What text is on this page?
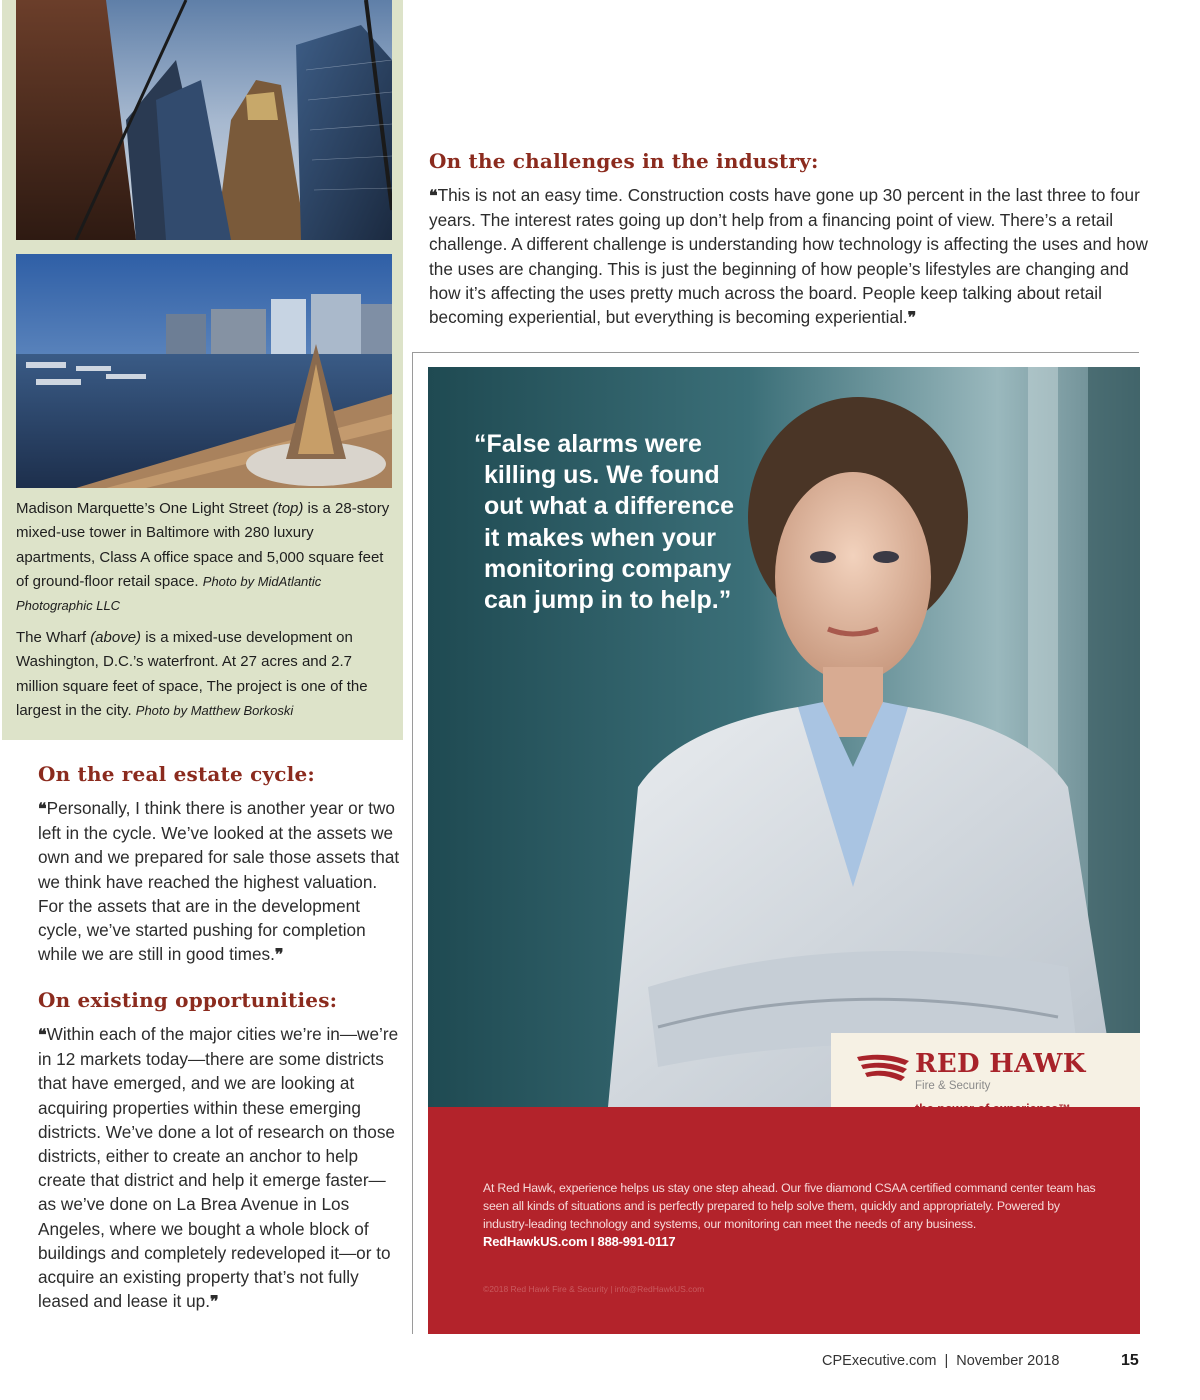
Madison Marquette’s One Light Street (top) is a 28-story mixed-use tower in Baltimore with 280 luxury apartments, Class A office space and 5,000 square feet of ground-floor retail space. Photo by MidAtlantic Photographic LLC

The Wharf (above) is a mixed-use development on Washington, D.C.’s waterfront. At 27 acres and 2.7 million square feet of space, The project is one of the largest in the city. Photo by Matthew Borkoski

On the challenges in the industry:

❝This is not an easy time. Construction costs have gone up 30 percent in the last three to four years. The interest rates going up don’t help from a financing point of view. There’s a retail challenge. A different challenge is understanding how technology is affecting the uses and how the uses are changing. This is just the beginning of how people’s lifestyles are changing and how it’s affecting the uses pretty much across the board. People keep talking about retail becoming experiential, but everything is becoming experiential.❞

On the real estate cycle:

❝Personally, I think there is another year or two left in the cycle. We’ve looked at the assets we own and we prepared for sale those assets that we think have reached the highest valuation. For the assets that are in the development cycle, we’ve started pushing for completion while we are still in good times.❞

On existing opportunities:

❝Within each of the major cities we’re in—we’re in 12 markets today—there are some districts that have emerged, and we are looking at acquiring properties within these emerging districts. We’ve done a lot of research on those districts, either to create an anchor to help create that district and help it emerge faster—as we’ve done on La Brea Avenue in Los Angeles, where we bought a whole block of buildings and completely redeveloped it—or to acquire an existing property that’s not fully leased and lease it up.❞

“False alarms were killing us. We found out what a difference it makes when your monitoring company can jump in to help.”

RED HAWK
Fire & Security

At Red Hawk, experience helps us stay one step ahead. Our five diamond CSAA certified command center team has seen all kinds of situations and is perfectly prepared to help solve them, quickly and appropriately. Powered by industry-leading technology and systems, our monitoring can meet the needs of any business.
RedHawkUS.com I 888-991-0117

©2018 Red Hawk Fire & Security | info@RedHawkUS.com
CPExecutive.com | November 2018	15
